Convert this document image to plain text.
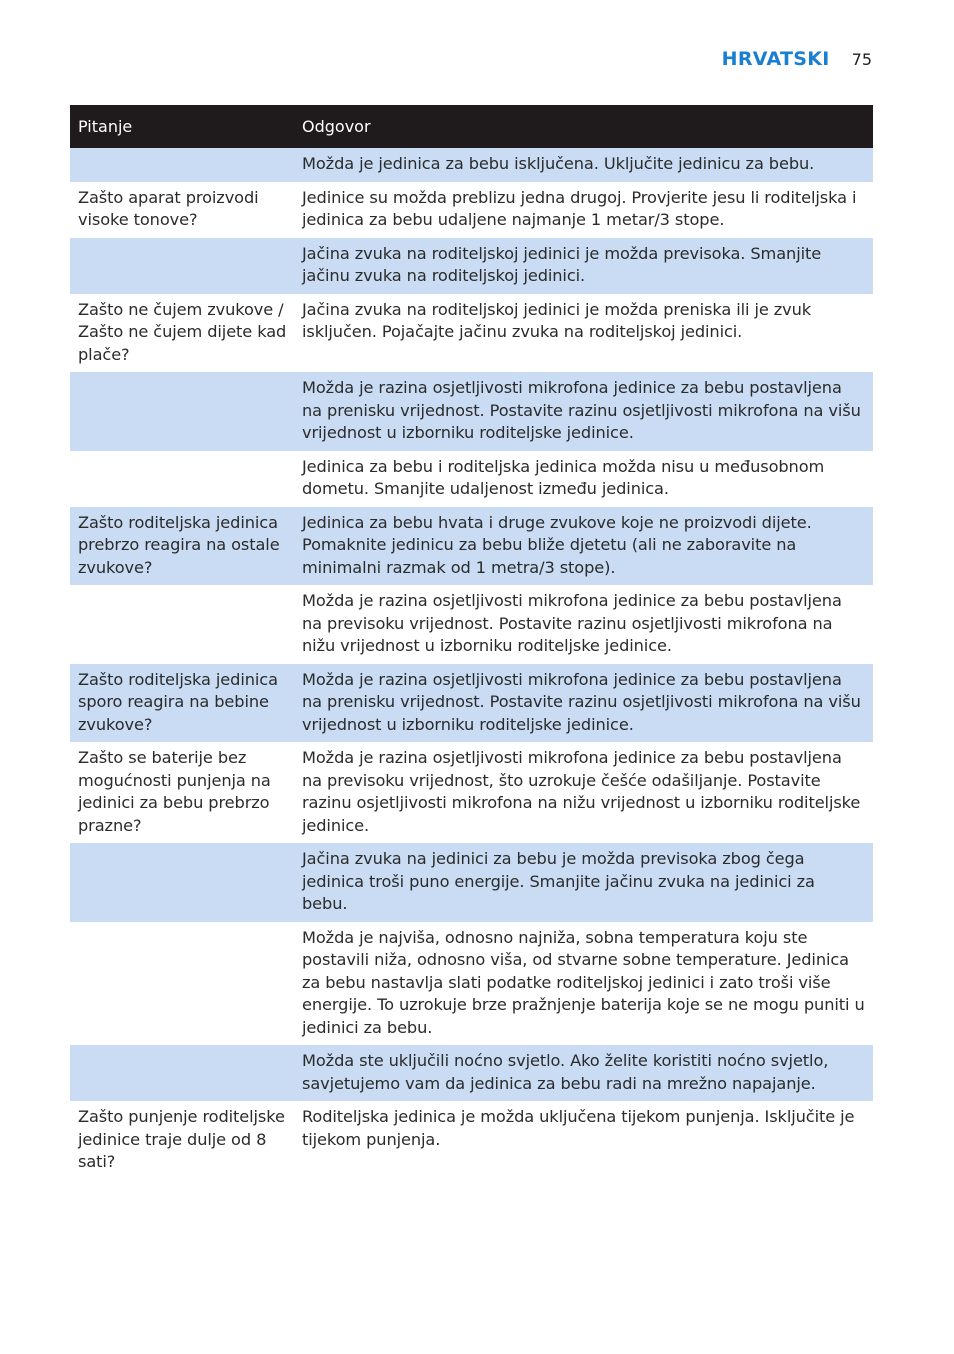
HRVATSKI 75
Pitanje	Odgovor
	Možda je jedinica za bebu isključena. Uključite jedinicu za bebu.
Zašto aparat proizvodi visoke tonove?	Jedinice su možda preblizu jedna drugoj. Provjerite jesu li roditeljska i jedinica za bebu udaljene najmanje 1 metar/3 stope.
	Jačina zvuka na roditeljskoj jedinici je možda previsoka. Smanjite jačinu zvuka na roditeljskoj jedinici.
Zašto ne čujem zvukove / Zašto ne čujem dijete kad plače?	Jačina zvuka na roditeljskoj jedinici je možda preniska ili je zvuk isključen. Pojačajte jačinu zvuka na roditeljskoj jedinici.
	Možda je razina osjetljivosti mikrofona jedinice za bebu postavljena na prenisku vrijednost. Postavite razinu osjetljivosti mikrofona na višu vrijednost u izborniku roditeljske jedinice.
	Jedinica za bebu i roditeljska jedinica možda nisu u međusobnom dometu. Smanjite udaljenost između jedinica.
Zašto roditeljska jedinica prebrzo reagira na ostale zvukove?	Jedinica za bebu hvata i druge zvukove koje ne proizvodi dijete. Pomaknite jedinicu za bebu bliže djetetu (ali ne zaboravite na minimalni razmak od 1 metra/3 stope).
	Možda je razina osjetljivosti mikrofona jedinice za bebu postavljena na previsoku vrijednost. Postavite razinu osjetljivosti mikrofona na nižu vrijednost u izborniku roditeljske jedinice.
Zašto roditeljska jedinica sporo reagira na bebine zvukove?	Možda je razina osjetljivosti mikrofona jedinice za bebu postavljena na prenisku vrijednost. Postavite razinu osjetljivosti mikrofona na višu vrijednost u izborniku roditeljske jedinice.
Zašto se baterije bez mogućnosti punjenja na jedinici za bebu prebrzo prazne?	Možda je razina osjetljivosti mikrofona jedinice za bebu postavljena na previsoku vrijednost, što uzrokuje češće odašiljanje. Postavite razinu osjetljivosti mikrofona na nižu vrijednost u izborniku roditeljske jedinice.
	Jačina zvuka na jedinici za bebu je možda previsoka zbog čega jedinica troši puno energije. Smanjite jačinu zvuka na jedinici za bebu.
	Možda je najviša, odnosno najniža, sobna temperatura koju ste postavili niža, odnosno viša, od stvarne sobne temperature. Jedinica za bebu nastavlja slati podatke roditeljskoj jedinici i zato troši više energije. To uzrokuje brze pražnjenje baterija koje se ne mogu puniti u jedinici za bebu.
	Možda ste uključili noćno svjetlo. Ako želite koristiti noćno svjetlo, savjetujemo vam da jedinica za bebu radi na mrežno napajanje.
Zašto punjenje roditeljske jedinice traje dulje od 8 sati?	Roditeljska jedinica je možda uključena tijekom punjenja. Isključite je tijekom punjenja.
